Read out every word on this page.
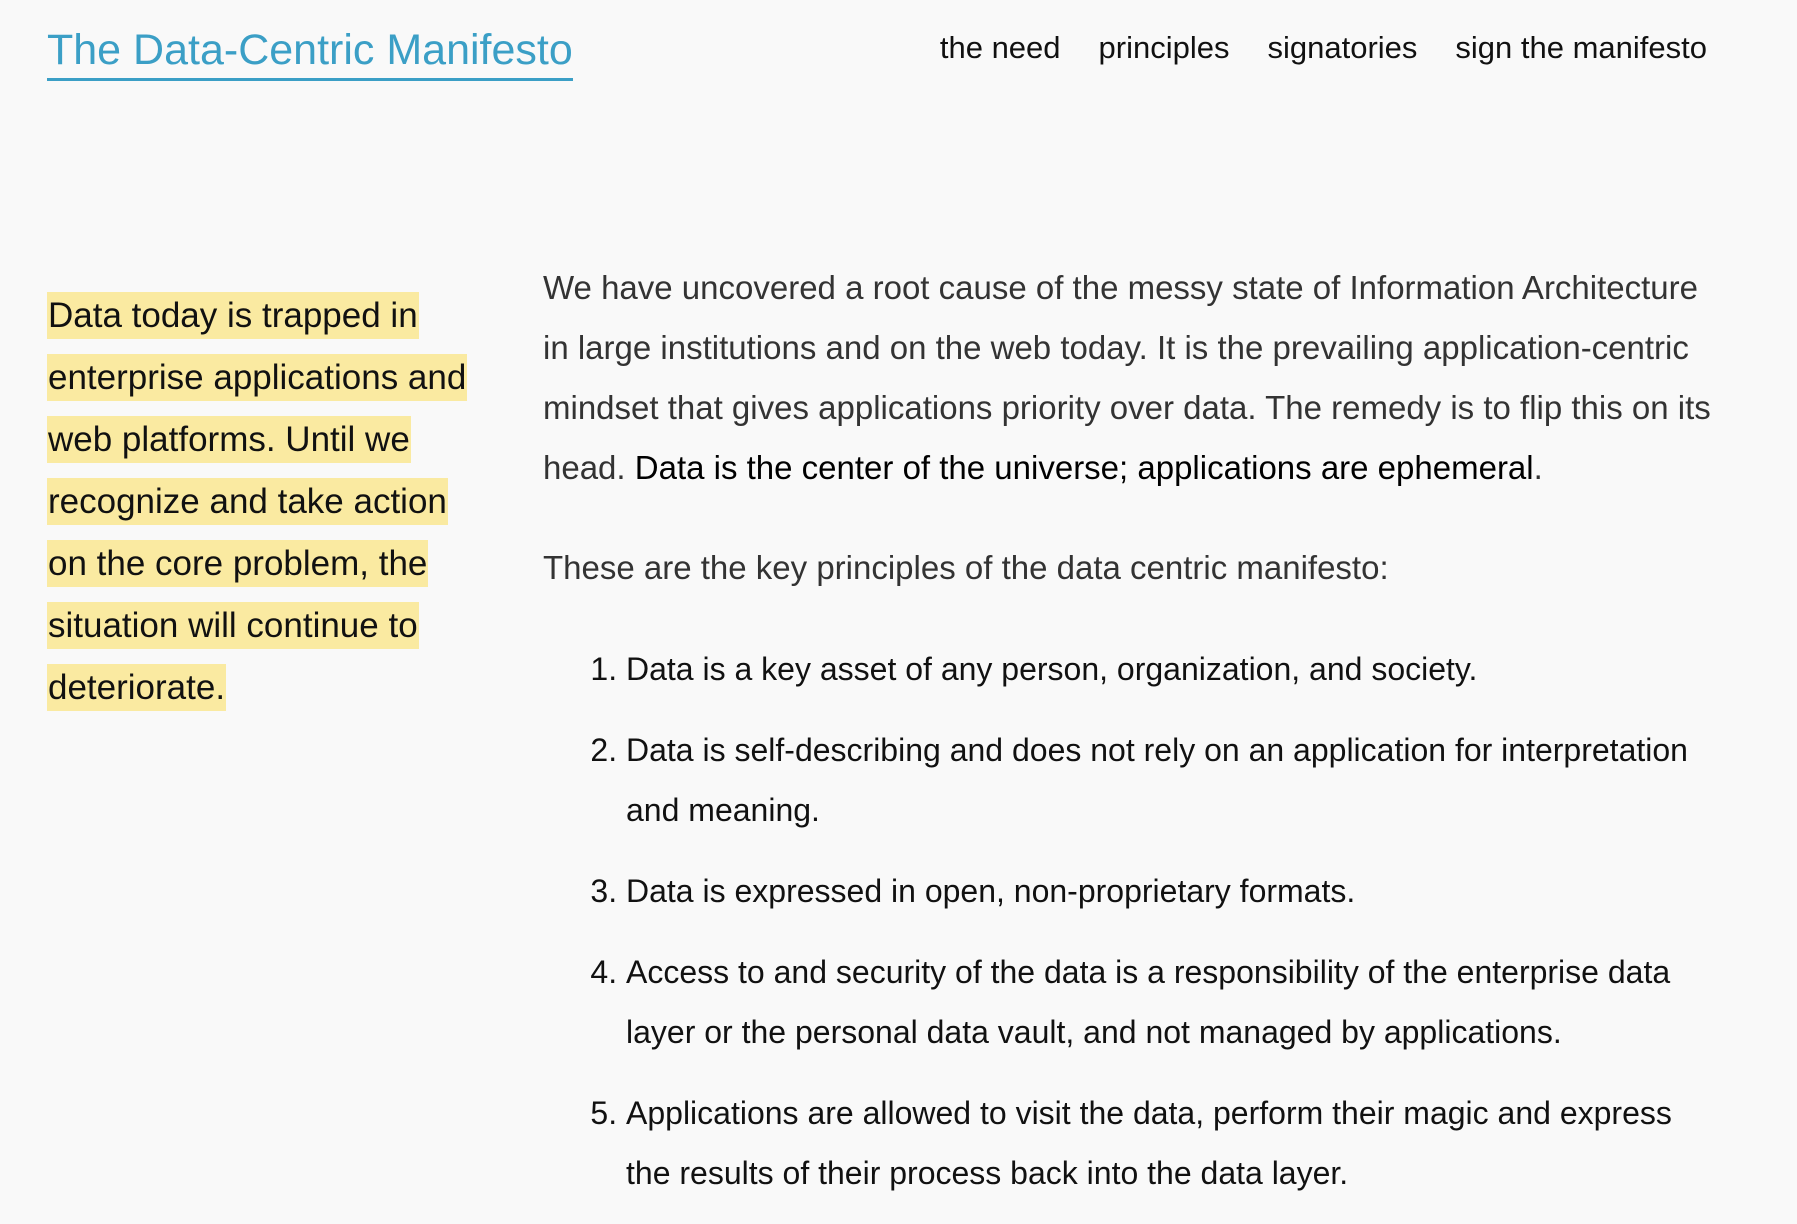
The Data-Centric Manifesto	the need principles signatories sign the manifesto
Data today is trapped in enterprise applications and web platforms. Until we recognize and take action on the core problem, the situation will continue to deteriorate.

We have uncovered a root cause of the messy state of Information Architecture in large institutions and on the web today. It is the prevailing application-centric mindset that gives applications priority over data. The remedy is to flip this on its head. Data is the center of the universe; applications are ephemeral.

These are the key principles of the data centric manifesto:

1. Data is a key asset of any person, organization, and society.
2. Data is self-describing and does not rely on an application for interpretation and meaning.
3. Data is expressed in open, non-proprietary formats.
4. Access to and security of the data is a responsibility of the enterprise data layer or the personal data vault, and not managed by applications.
5. Applications are allowed to visit the data, perform their magic and express the results of their process back into the data layer.
